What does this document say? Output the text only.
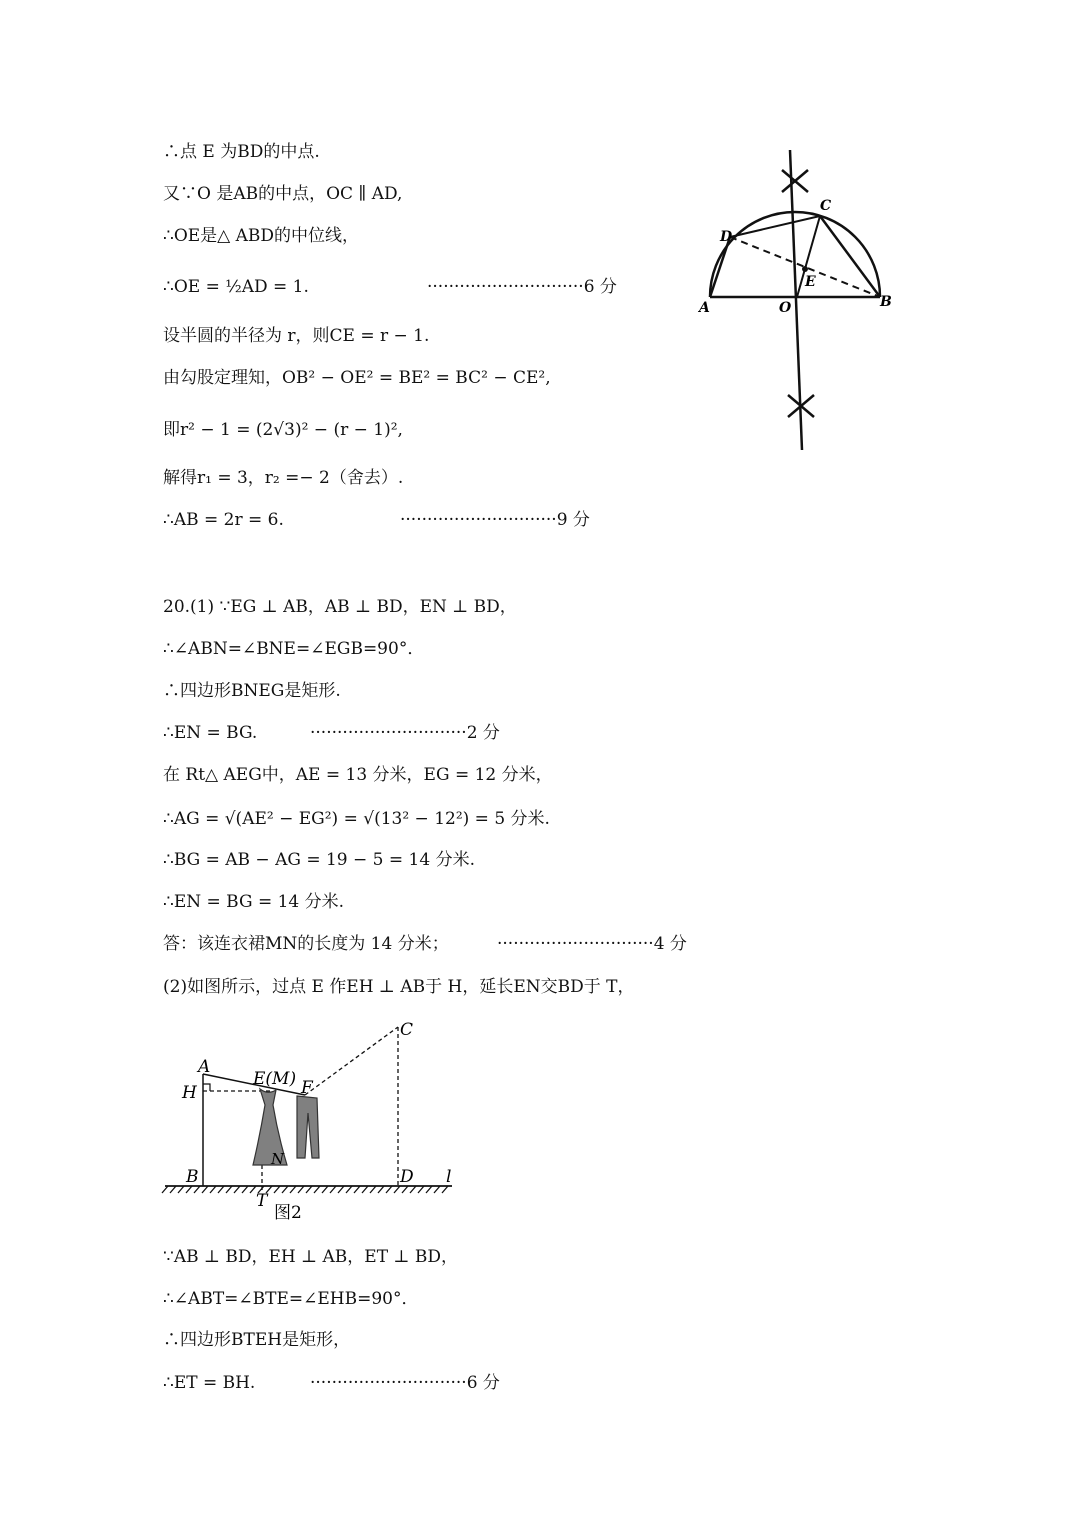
∴点 E 为BD的中点.
又∵O 是AB的中点，OC ∥ AD,
∴OE是△ ABD的中位线，
∴OE = ½AD = 1.	·····························6 分
设半圆的半径为 r，则CE = r − 1.
由勾股定理知，OB² − OE² = BE² = BC² − CE²,
即r² − 1 = (2√3)² − (r − 1)²,
解得r₁ = 3，r₂ =− 2（舍去）.
∴AB = 2r = 6.	·····························9 分
D
C
E
A	O	B
20.(1) ∵EG ⊥ AB，AB ⊥ BD，EN ⊥ BD，
∴∠ABN=∠BNE=∠EGB=90°．
∴四边形BNEG是矩形.
∴EN = BG.	·····························2 分
在 Rt△ AEG中，AE = 13 分米，EG = 12 分米，
∴AG = √(AE² − EG²) = √(13² − 12²) = 5 分米.
∴BG = AB − AG = 19 − 5 = 14 分米.
∴EN = BG = 14 分米.
答：该连衣裙MN的长度为 14 分米；	·····························4 分
(2)如图所示，过点 E 作EH ⊥ AB于 H，延长EN交BD于 T，
A
H
E(M) F
C
B
N
D l
T
图2
∵AB ⊥ BD，EH ⊥ AB，ET ⊥ BD，
∴∠ABT=∠BTE=∠EHB=90°．
∴四边形BTEH是矩形，
∴ET = BH.	·····························6 分
